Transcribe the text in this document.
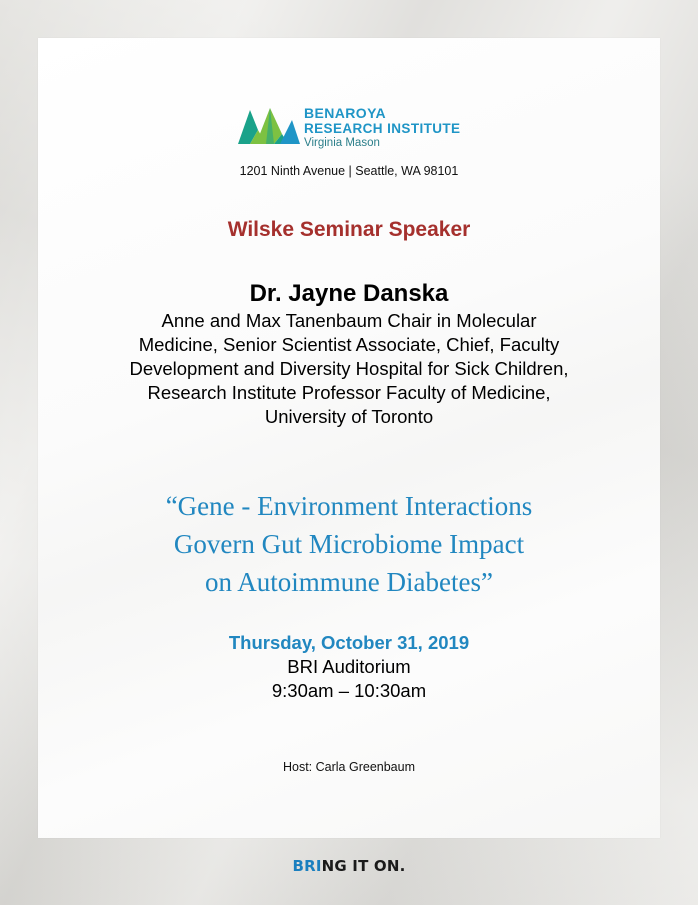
BENAROYA
RESEARCH INSTITUTE
Virginia Mason
1201 Ninth Avenue | Seattle, WA 98101
Wilske Seminar Speaker
Dr. Jayne Danska
Anne and Max Tanenbaum Chair in Molecular
Medicine, Senior Scientist Associate, Chief, Faculty
Development and Diversity Hospital for Sick Children,
Research Institute Professor Faculty of Medicine,
University of Toronto
“Gene - Environment Interactions
Govern Gut Microbiome Impact
on Autoimmune Diabetes”
Thursday, October 31, 2019
BRI Auditorium
9:30am – 10:30am
Host: Carla Greenbaum
BRING IT ON.
